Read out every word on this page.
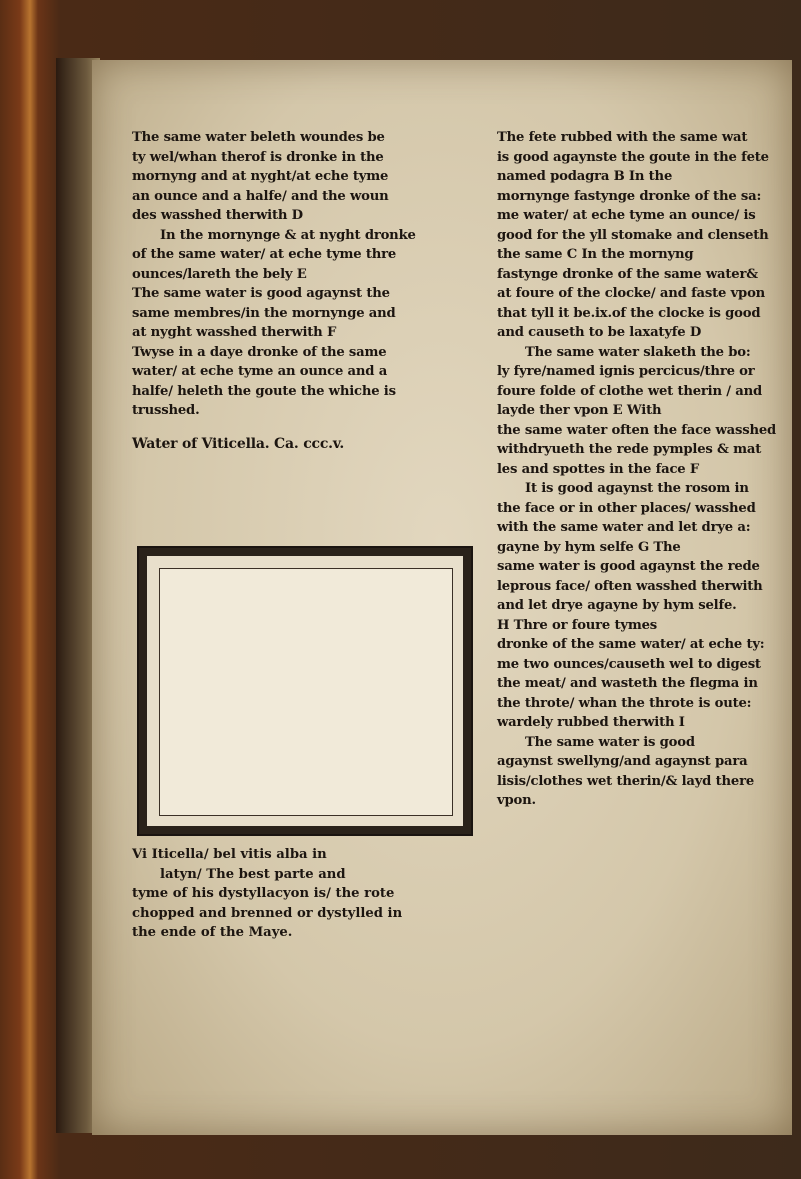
The same water beleth woundes be
ty wel/whan therof is dronke in the
mornyng and at nyght/at eche tyme
an ounce and a halfe/ and the woun
des wasshed therwith D
In the mornynge & at nyght dronke
of the same water/ at eche tyme thre
ounces/lareth the bely E
The same water is good agaynst the
same membres/in the mornynge and
at nyght wasshed therwith F
Twyse in a daye dronke of the same
water/ at eche tyme an ounce and a
halfe/ heleth the goute the whiche is
trusshed.
Water of Viticella. Ca. ccc.v.
Vi Iticella/ bel vitis alba in
latyn/ The best parte and
tyme of his dystyllacyon is/ the rote
chopped and brenned or dystylled in
the ende of the Maye.
The fete rubbed with the same wat
is good agaynste the goute in the fete
named podagra B In the
mornynge fastynge dronke of the sa:
me water/ at eche tyme an ounce/ is
good for the yll stomake and clenseth
the same C In the mornyng
fastynge dronke of the same water&
at foure of the clocke/ and faste vpon
that tyll it be.ix.of the clocke is good
and causeth to be laxatyfe D
The same water slaketh the bo:
ly fyre/named ignis percicus/thre or
foure folde of clothe wet therin / and
layde ther vpon E With
the same water often the face wasshed
withdryueth the rede pymples & mat
les and spottes in the face F
It is good agaynst the rosom in
the face or in other places/ wasshed
with the same water and let drye a:
gayne by hym selfe G The
same water is good agaynst the rede
leprous face/ often wasshed therwith
and let drye agayne by hym selfe.
H Thre or foure tymes
dronke of the same water/ at eche ty:
me two ounces/causeth wel to digest
the meat/ and wasteth the flegma in
the throte/ whan the throte is oute:
wardely rubbed therwith I
The same water is good
agaynst swellyng/and agaynst para
lisis/clothes wet therin/& layd there
vpon.
